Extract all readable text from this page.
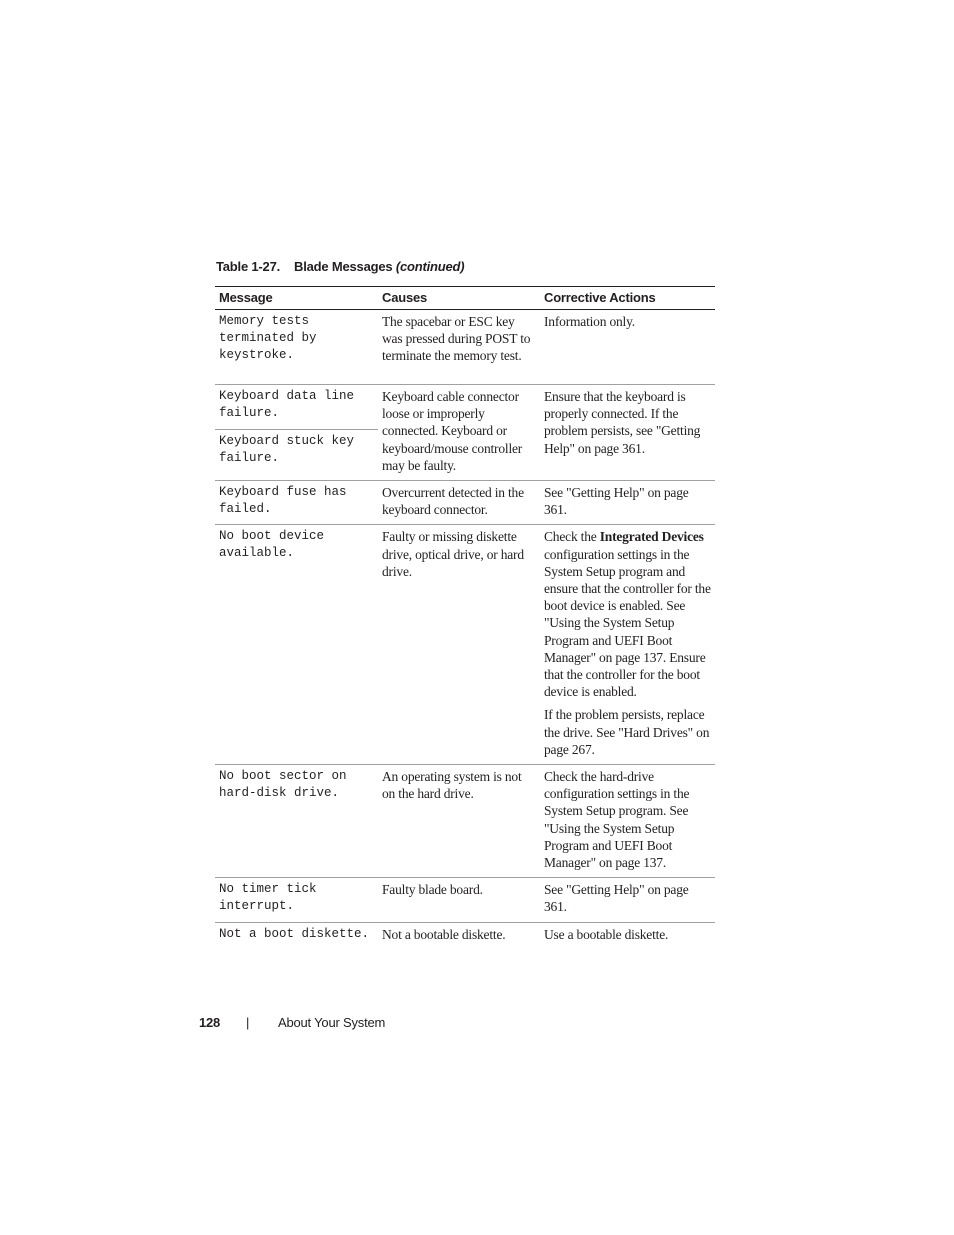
Table 1-27. Blade Messages (continued)
Message	Causes	Corrective Actions
Memory tests terminated by keystroke.	The spacebar or ESC key was pressed during POST to terminate the memory test.	Information only.
Keyboard data line failure.	Keyboard cable connector loose or improperly connected. Keyboard or keyboard/mouse controller may be faulty.	Ensure that the keyboard is properly connected. If the problem persists, see "Getting Help" on page 361.
Keyboard stuck key failure.		
Keyboard fuse has failed.	Overcurrent detected in the keyboard connector.	See "Getting Help" on page 361.
No boot device available.	Faulty or missing diskette drive, optical drive, or hard drive.	Check the Integrated Devices configuration settings in the System Setup program and ensure that the controller for the boot device is enabled. See "Using the System Setup Program and UEFI Boot Manager" on page 137. Ensure that the controller for the boot device is enabled.

If the problem persists, replace the drive. See "Hard Drives" on page 267.

No boot sector on hard-disk drive.	An operating system is not on the hard drive.	Check the hard-drive configuration settings in the System Setup program. See "Using the System Setup Program and UEFI Boot Manager" on page 137.
No timer tick interrupt.	Faulty blade board.	See "Getting Help" on page 361.
Not a boot diskette.	Not a bootable diskette.	Use a bootable diskette.
128 | About Your System
